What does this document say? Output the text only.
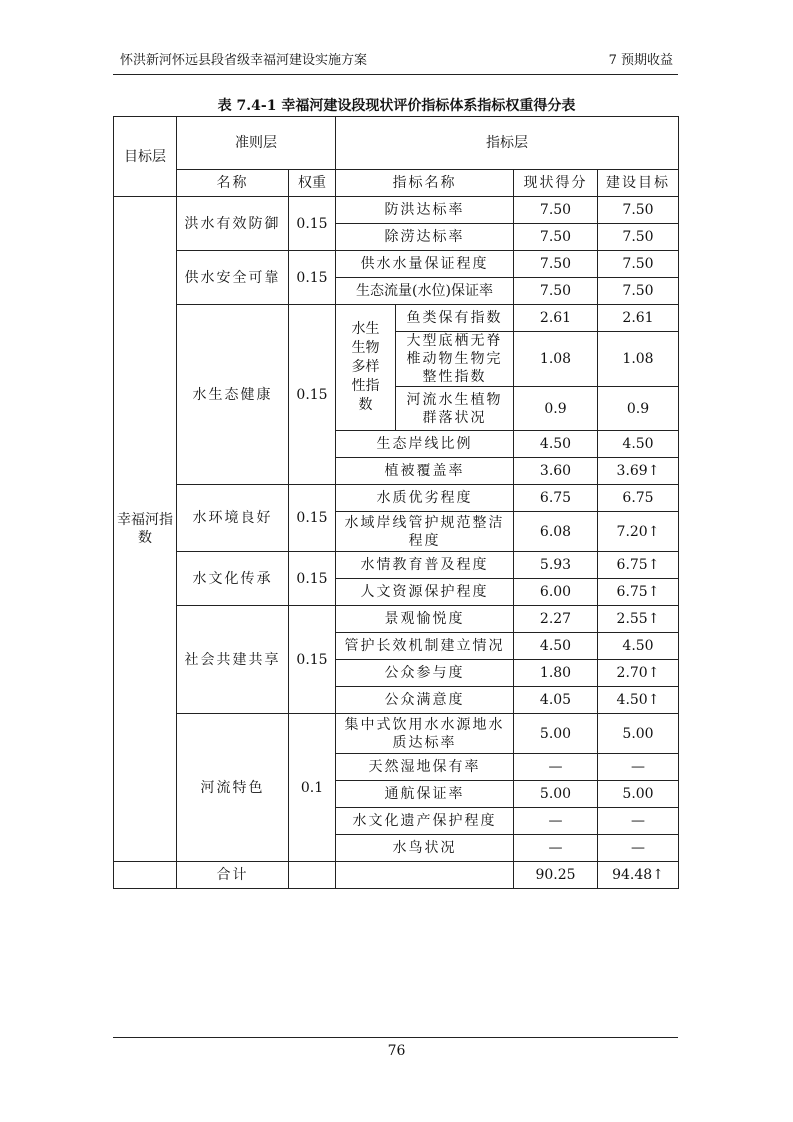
怀洪新河怀远县段省级幸福河建设实施方案	7 预期收益
表 7.4-1 幸福河建设段现状评价指标体系指标权重得分表
目标层	准则层		指标层			
	名称	权重	指标名称		现状得分	建设目标
幸福河指数	洪水有效防御	0.15	防洪达标率		7.50	7.50
			除涝达标率		7.50	7.50
	供水安全可靠	0.15	供水水量保证程度		7.50	7.50
			生态流量(水位)保证率		7.50	7.50
	水生态健康	0.15	水生生物多样性指数	鱼类保有指数	2.61	2.61
				大型底栖无脊椎动物生物完整性指数	1.08	1.08
				河流水生植物群落状况	0.9	0.9
			生态岸线比例		4.50	4.50
			植被覆盖率		3.60	3.69↑
	水环境良好	0.15	水质优劣程度		6.75	6.75
			水域岸线管护规范整洁程度		6.08	7.20↑
	水文化传承	0.15	水情教育普及程度		5.93	6.75↑
			人文资源保护程度		6.00	6.75↑
	社会共建共享	0.15	景观愉悦度		2.27	2.55↑
			管护长效机制建立情况		4.50	4.50
			公众参与度		1.80	2.70↑
			公众满意度		4.05	4.50↑
	河流特色	0.1	集中式饮用水水源地水质达标率		5.00	5.00
			天然湿地保有率		—	—
			通航保证率		5.00	5.00
			水文化遗产保护程度		—	—
			水鸟状况		—	—
	合计				90.25	94.48↑
76
